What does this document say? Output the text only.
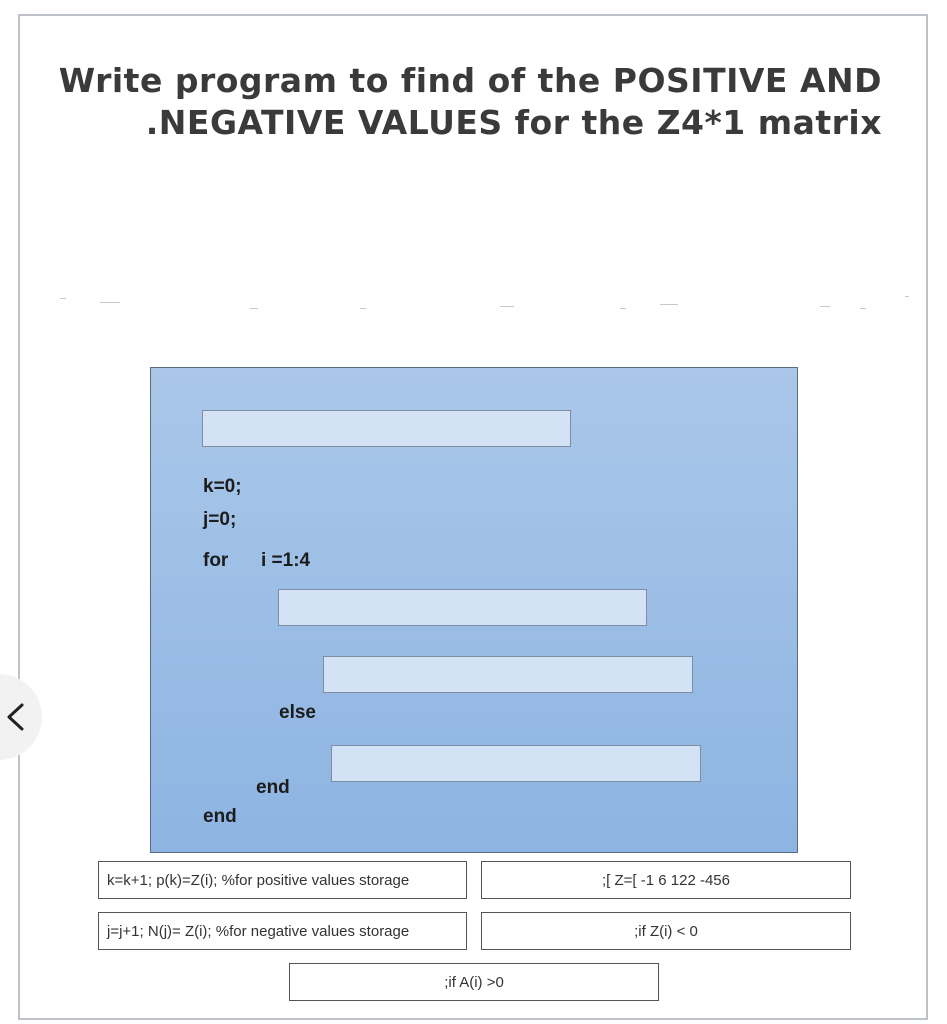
Write program to find of the POSITIVE AND
.NEGATIVE VALUES for the Z4*1 matrix
k=0;
j=0;
for i =1:4
else
end
end
k=k+1; p(k)=Z(i); %for positive values storage	;[ Z=[ -1 6 122 -456
j=j+1; N(j)= Z(i); %for negative values storage	;if Z(i) < 0
;if A(i) >0
